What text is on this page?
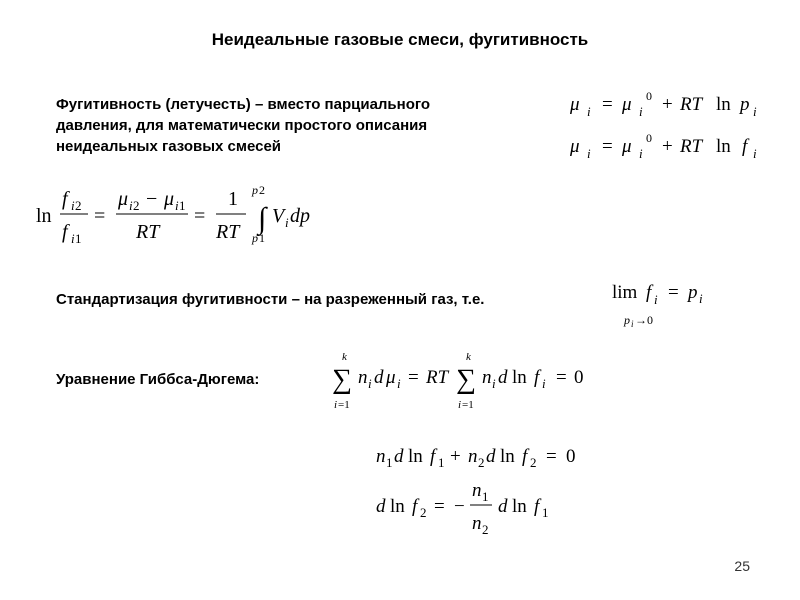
Неидеальные газовые смеси, фугитивность
Фугитивность (летучесть) – вместо парциального
давления, для математически простого описания
неидеальных газовых смесей
μ i = μ i
0 + RT ln p i
μ i = μ i
0 + RT ln f i
ln
f i 2
f i 1
=
μ i 2 − μ i 1
RT
=
1
RT ∫
p 2
p 1
V i dp
Стандартизация фугитивности – на разреженный газ, т.е.	lim f i = p i
p i →0
Уравнение Гиббса-Дюгема:
k
∑
i =1
n i d μ i = RT
k
∑
i =1
n i d ln f i = 0
n 1 d ln f 1 + n 2 d ln f 2 = 0
d ln f 2 = −
n 1
n 2
d ln f 1
25
